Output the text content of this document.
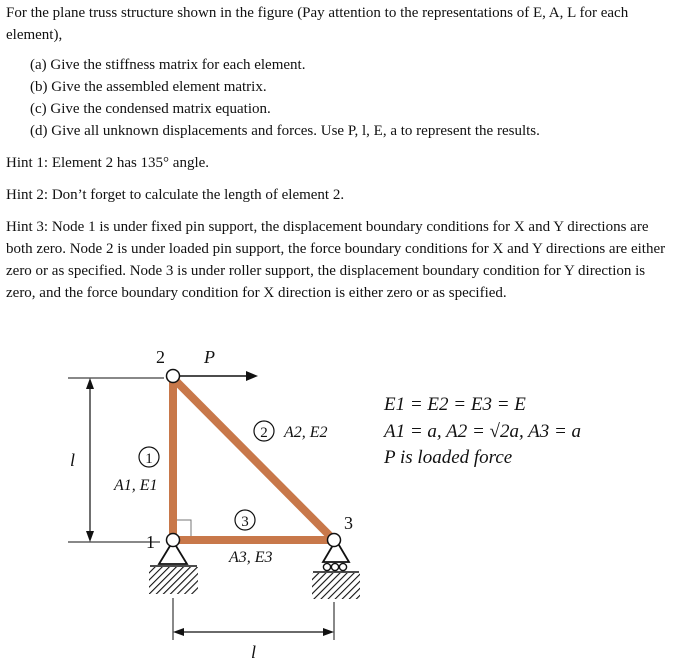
For the plane truss structure shown in the figure (Pay attention to the representations of E, A, L for each element),
(a) Give the stiffness matrix for each element.
(b) Give the assembled element matrix.
(c) Give the condensed matrix equation.
(d) Give all unknown displacements and forces. Use P, l, E, a to represent the results.
Hint 1: Element 2 has 135° angle.
Hint 2: Don’t forget to calculate the length of element 2.
Hint 3: Node 1 is under fixed pin support, the displacement boundary conditions for X and Y directions are both zero. Node 2 is under loaded pin support, the force boundary conditions for X and Y directions are either zero or as specified. Node 3 is under roller support, the displacement boundary condition for Y direction is zero, and the force boundary condition for X direction is either zero or as specified.
l
P
2
1
3
1
A1, E1
2 A2, E2
3
A3, E3
l
E1 = E2 = E3 = E
A1 = a, A2 = √2a, A3 = a
P is loaded force
